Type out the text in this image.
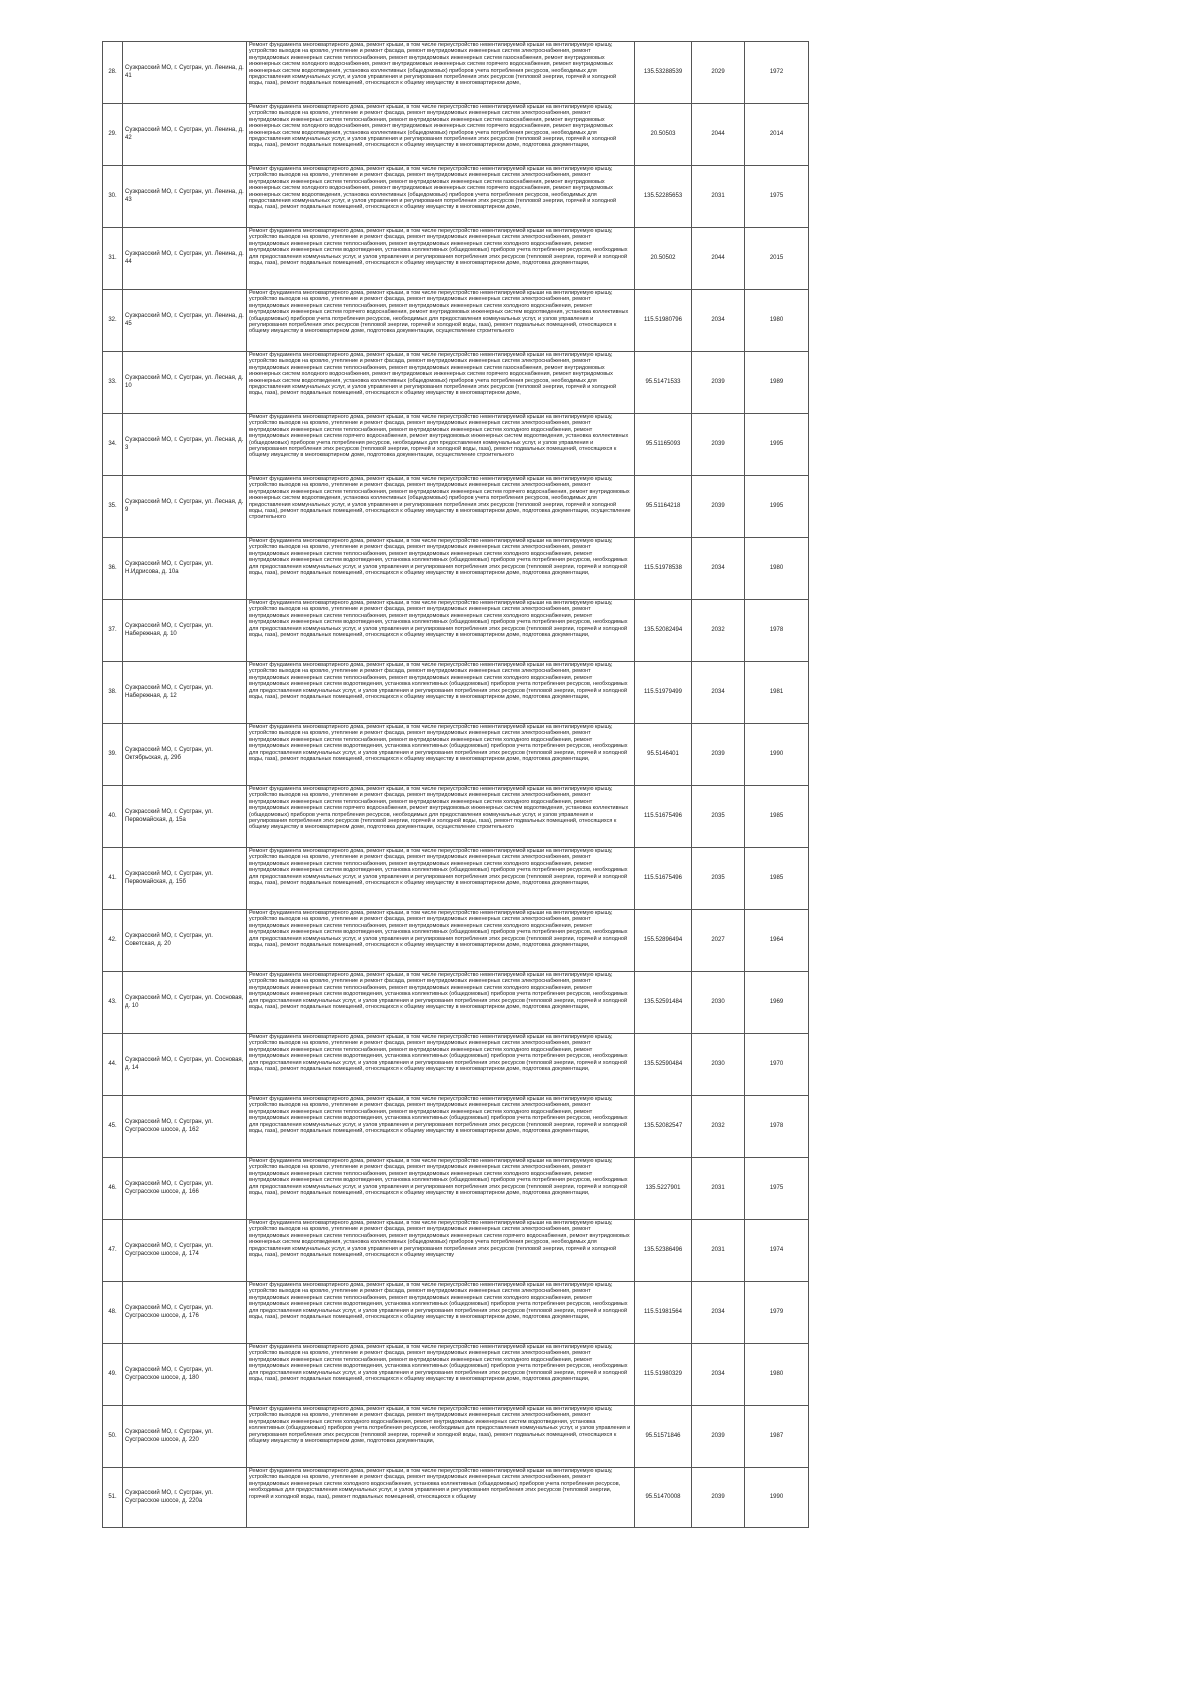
28.	Сузкрасский МО, г. Сусгран, ул. Ленина, д. 41	Ремонт фундамента многоквартирного дома, ремонт крыши, в том числе переустройство невентилируемой крыши на вентилируемую крышу, устройство выходов на кровлю, утепление и ремонт фасада, ремонт внутридомовых инженерных систем электроснабжения, ремонт внутридомовых инженерных систем теплоснабжения, ремонт внутридомовых инженерных систем газоснабжения, ремонт внутридомовых инженерных систем холодного водоснабжения, ремонт внутридомовых инженерных систем горячего водоснабжения, ремонт внутридомовых инженерных систем водоотведения, установка коллективных (общедомовых) приборов учета потребления ресурсов, необходимых для предоставления коммунальных услуг, и узлов управления и регулирования потребления этих ресурсов (тепловой энергии, горячей и холодной воды, газа), ремонт подвальных помещений, относящихся к общему имуществу в многоквартирном доме,	135.53288539	2029	1972
29.	Сузкрасский МО, г. Сусгран, ул. Ленина, д. 42	Ремонт фундамента многоквартирного дома, ремонт крыши, в том числе переустройство невентилируемой крыши на вентилируемую крышу, устройство выходов на кровлю, утепление и ремонт фасада, ремонт внутридомовых инженерных систем электроснабжения, ремонт внутридомовых инженерных систем теплоснабжения, ремонт внутридомовых инженерных систем газоснабжения, ремонт внутридомовых инженерных систем холодного водоснабжения, ремонт внутридомовых инженерных систем горячего водоснабжения, ремонт внутридомовых инженерных систем водоотведения, установка коллективных (общедомовых) приборов учета потребления ресурсов, необходимых для предоставления коммунальных услуг, и узлов управления и регулирования потребления этих ресурсов (тепловой энергии, горячей и холодной воды, газа), ремонт подвальных помещений, относящихся к общему имуществу в многоквартирном доме, подготовка документации,	20.50503	2044	2014
30.	Сузкрасский МО, г. Сусгран, ул. Ленина, д. 43	Ремонт фундамента многоквартирного дома, ремонт крыши, в том числе переустройство невентилируемой крыши на вентилируемую крышу, устройство выходов на кровлю, утепление и ремонт фасада, ремонт внутридомовых инженерных систем электроснабжения, ремонт внутридомовых инженерных систем теплоснабжения, ремонт внутридомовых инженерных систем газоснабжения, ремонт внутридомовых инженерных систем холодного водоснабжения, ремонт внутридомовых инженерных систем горячего водоснабжения, ремонт внутридомовых инженерных систем водоотведения, установка коллективных (общедомовых) приборов учета потребления ресурсов, необходимых для предоставления коммунальных услуг, и узлов управления и регулирования потребления этих ресурсов (тепловой энергии, горячей и холодной воды, газа), ремонт подвальных помещений, относящихся к общему имуществу в многоквартирном доме,	135.52285653	2031	1975
31.	Сузкрасский МО, г. Сусгран, ул. Ленина, д. 44	Ремонт фундамента многоквартирного дома, ремонт крыши, в том числе переустройство невентилируемой крыши на вентилируемую крышу, устройство выходов на кровлю, утепление и ремонт фасада, ремонт внутридомовых инженерных систем электроснабжения, ремонт внутридомовых инженерных систем теплоснабжения, ремонт внутридомовых инженерных систем холодного водоснабжения, ремонт внутридомовых инженерных систем водоотведения, установка коллективных (общедомовых) приборов учета потребления ресурсов, необходимых для предоставления коммунальных услуг, и узлов управления и регулирования потребления этих ресурсов (тепловой энергии, горячей и холодной воды, газа), ремонт подвальных помещений, относящихся к общему имуществу в многоквартирном доме, подготовка документации,	20.50502	2044	2015
32.	Сузкрасский МО, г. Сусгран, ул. Ленина, д. 45	Ремонт фундамента многоквартирного дома, ремонт крыши, в том числе переустройство невентилируемой крыши на вентилируемую крышу, устройство выходов на кровлю, утепление и ремонт фасада, ремонт внутридомовых инженерных систем электроснабжения, ремонт внутридомовых инженерных систем теплоснабжения, ремонт внутридомовых инженерных систем холодного водоснабжения, ремонт внутридомовых инженерных систем горячего водоснабжения, ремонт внутридомовых инженерных систем водоотведения, установка коллективных (общедомовых) приборов учета потребления ресурсов, необходимых для предоставления коммунальных услуг, и узлов управления и регулирования потребления этих ресурсов (тепловой энергии, горячей и холодной воды, газа), ремонт подвальных помещений, относящихся к общему имуществу в многоквартирном доме, подготовка документации, осуществление строительного	115.51980796	2034	1980
33.	Сузкрасский МО, г. Сусгран, ул. Лесная, д. 10	Ремонт фундамента многоквартирного дома, ремонт крыши, в том числе переустройство невентилируемой крыши на вентилируемую крышу, устройство выходов на кровлю, утепление и ремонт фасада, ремонт внутридомовых инженерных систем электроснабжения, ремонт внутридомовых инженерных систем теплоснабжения, ремонт внутридомовых инженерных систем газоснабжения, ремонт внутридомовых инженерных систем холодного водоснабжения, ремонт внутридомовых инженерных систем горячего водоснабжения, ремонт внутридомовых инженерных систем водоотведения, установка коллективных (общедомовых) приборов учета потребления ресурсов, необходимых для предоставления коммунальных услуг, и узлов управления и регулирования потребления этих ресурсов (тепловой энергии, горячей и холодной воды, газа), ремонт подвальных помещений, относящихся к общему имуществу в многоквартирном доме,	95.51471533	2039	1989
34.	Сузкрасский МО, г. Сусгран, ул. Лесная, д. 3	Ремонт фундамента многоквартирного дома, ремонт крыши, в том числе переустройство невентилируемой крыши на вентилируемую крышу, устройство выходов на кровлю, утепление и ремонт фасада, ремонт внутридомовых инженерных систем электроснабжения, ремонт внутридомовых инженерных систем теплоснабжения, ремонт внутридомовых инженерных систем холодного водоснабжения, ремонт внутридомовых инженерных систем горячего водоснабжения, ремонт внутридомовых инженерных систем водоотведения, установка коллективных (общедомовых) приборов учета потребления ресурсов, необходимых для предоставления коммунальных услуг, и узлов управления и регулирования потребления этих ресурсов (тепловой энергии, горячей и холодной воды, газа), ремонт подвальных помещений, относящихся к общему имуществу в многоквартирном доме, подготовка документации, осуществление строительного	95.51165093	2039	1995
35.	Сузкрасский МО, г. Сусгран, ул. Лесная, д. 9	Ремонт фундамента многоквартирного дома, ремонт крыши, в том числе переустройство невентилируемой крыши на вентилируемую крышу, устройство выходов на кровлю, утепление и ремонт фасада, ремонт внутридомовых инженерных систем электроснабжения, ремонт внутридомовых инженерных систем теплоснабжения, ремонт внутридомовых инженерных систем горячего водоснабжения, ремонт внутридомовых инженерных систем водоотведения, установка коллективных (общедомовых) приборов учета потребления ресурсов, необходимых для предоставления коммунальных услуг, и узлов управления и регулирования потребления этих ресурсов (тепловой энергии, горячей и холодной воды, газа), ремонт подвальных помещений, относящихся к общему имуществу в многоквартирном доме, подготовка документации, осуществление строительного	95.51164218	2039	1995
36.	Сузкрасский МО, г. Сусгран, ул. Н.Идрисова, д. 10а	Ремонт фундамента многоквартирного дома, ремонт крыши, в том числе переустройство невентилируемой крыши на вентилируемую крышу, устройство выходов на кровлю, утепление и ремонт фасада, ремонт внутридомовых инженерных систем электроснабжения, ремонт внутридомовых инженерных систем теплоснабжения, ремонт внутридомовых инженерных систем холодного водоснабжения, ремонт внутридомовых инженерных систем водоотведения, установка коллективных (общедомовых) приборов учета потребления ресурсов, необходимых для предоставления коммунальных услуг, и узлов управления и регулирования потребления этих ресурсов (тепловой энергии, горячей и холодной воды, газа), ремонт подвальных помещений, относящихся к общему имуществу в многоквартирном доме, подготовка документации,	115.51978538	2034	1980
37.	Сузкрасский МО, г. Сусгран, ул. Набережная, д. 10	Ремонт фундамента многоквартирного дома, ремонт крыши, в том числе переустройство невентилируемой крыши на вентилируемую крышу, устройство выходов на кровлю, утепление и ремонт фасада, ремонт внутридомовых инженерных систем электроснабжения, ремонт внутридомовых инженерных систем теплоснабжения, ремонт внутридомовых инженерных систем холодного водоснабжения, ремонт внутридомовых инженерных систем водоотведения, установка коллективных (общедомовых) приборов учета потребления ресурсов, необходимых для предоставления коммунальных услуг, и узлов управления и регулирования потребления этих ресурсов (тепловой энергии, горячей и холодной воды, газа), ремонт подвальных помещений, относящихся к общему имуществу в многоквартирном доме, подготовка документации,	135.52082494	2032	1978
38.	Сузкрасский МО, г. Сусгран, ул. Набережная, д. 12	Ремонт фундамента многоквартирного дома, ремонт крыши, в том числе переустройство невентилируемой крыши на вентилируемую крышу, устройство выходов на кровлю, утепление и ремонт фасада, ремонт внутридомовых инженерных систем электроснабжения, ремонт внутридомовых инженерных систем теплоснабжения, ремонт внутридомовых инженерных систем холодного водоснабжения, ремонт внутридомовых инженерных систем водоотведения, установка коллективных (общедомовых) приборов учета потребления ресурсов, необходимых для предоставления коммунальных услуг, и узлов управления и регулирования потребления этих ресурсов (тепловой энергии, горячей и холодной воды, газа), ремонт подвальных помещений, относящихся к общему имуществу в многоквартирном доме, подготовка документации,	115.51979499	2034	1981
39.	Сузкрасский МО, г. Сусгран, ул. Октябрьская, д. 29б	Ремонт фундамента многоквартирного дома, ремонт крыши, в том числе переустройство невентилируемой крыши на вентилируемую крышу, устройство выходов на кровлю, утепление и ремонт фасада, ремонт внутридомовых инженерных систем электроснабжения, ремонт внутридомовых инженерных систем теплоснабжения, ремонт внутридомовых инженерных систем холодного водоснабжения, ремонт внутридомовых инженерных систем водоотведения, установка коллективных (общедомовых) приборов учета потребления ресурсов, необходимых для предоставления коммунальных услуг, и узлов управления и регулирования потребления этих ресурсов (тепловой энергии, горячей и холодной воды, газа), ремонт подвальных помещений, относящихся к общему имуществу в многоквартирном доме, подготовка документации,	95.5146401	2039	1990
40.	Сузкрасский МО, г. Сусгран, ул. Первомайская, д. 15а	Ремонт фундамента многоквартирного дома, ремонт крыши, в том числе переустройство невентилируемой крыши на вентилируемую крышу, устройство выходов на кровлю, утепление и ремонт фасада, ремонт внутридомовых инженерных систем электроснабжения, ремонт внутридомовых инженерных систем теплоснабжения, ремонт внутридомовых инженерных систем холодного водоснабжения, ремонт внутридомовых инженерных систем горячего водоснабжения, ремонт внутридомовых инженерных систем водоотведения, установка коллективных (общедомовых) приборов учета потребления ресурсов, необходимых для предоставления коммунальных услуг, и узлов управления и регулирования потребления этих ресурсов (тепловой энергии, горячей и холодной воды, газа), ремонт подвальных помещений, относящихся к общему имуществу в многоквартирном доме, подготовка документации, осуществление строительного	115.51675496	2035	1985
41.	Сузкрасский МО, г. Сусгран, ул. Первомайская, д. 15б	Ремонт фундамента многоквартирного дома, ремонт крыши, в том числе переустройство невентилируемой крыши на вентилируемую крышу, устройство выходов на кровлю, утепление и ремонт фасада, ремонт внутридомовых инженерных систем электроснабжения, ремонт внутридомовых инженерных систем теплоснабжения, ремонт внутридомовых инженерных систем холодного водоснабжения, ремонт внутридомовых инженерных систем водоотведения, установка коллективных (общедомовых) приборов учета потребления ресурсов, необходимых для предоставления коммунальных услуг, и узлов управления и регулирования потребления этих ресурсов (тепловой энергии, горячей и холодной воды, газа), ремонт подвальных помещений, относящихся к общему имуществу в многоквартирном доме, подготовка документации,	115.51675496	2035	1985
42.	Сузкрасский МО, г. Сусгран, ул. Советская, д. 20	Ремонт фундамента многоквартирного дома, ремонт крыши, в том числе переустройство невентилируемой крыши на вентилируемую крышу, устройство выходов на кровлю, утепление и ремонт фасада, ремонт внутридомовых инженерных систем электроснабжения, ремонт внутридомовых инженерных систем теплоснабжения, ремонт внутридомовых инженерных систем холодного водоснабжения, ремонт внутридомовых инженерных систем водоотведения, установка коллективных (общедомовых) приборов учета потребления ресурсов, необходимых для предоставления коммунальных услуг, и узлов управления и регулирования потребления этих ресурсов (тепловой энергии, горячей и холодной воды, газа), ремонт подвальных помещений, относящихся к общему имуществу в многоквартирном доме, подготовка документации,	155.52896494	2027	1964
43.	Сузкрасский МО, г. Сусгран, ул. Сосновая, д. 10	Ремонт фундамента многоквартирного дома, ремонт крыши, в том числе переустройство невентилируемой крыши на вентилируемую крышу, устройство выходов на кровлю, утепление и ремонт фасада, ремонт внутридомовых инженерных систем электроснабжения, ремонт внутридомовых инженерных систем теплоснабжения, ремонт внутридомовых инженерных систем холодного водоснабжения, ремонт внутридомовых инженерных систем водоотведения, установка коллективных (общедомовых) приборов учета потребления ресурсов, необходимых для предоставления коммунальных услуг, и узлов управления и регулирования потребления этих ресурсов (тепловой энергии, горячей и холодной воды, газа), ремонт подвальных помещений, относящихся к общему имуществу в многоквартирном доме, подготовка документации,	135.52591484	2030	1969
44.	Сузкрасский МО, г. Сусгран, ул. Сосновая, д. 14	Ремонт фундамента многоквартирного дома, ремонт крыши, в том числе переустройство невентилируемой крыши на вентилируемую крышу, устройство выходов на кровлю, утепление и ремонт фасада, ремонт внутридомовых инженерных систем электроснабжения, ремонт внутридомовых инженерных систем теплоснабжения, ремонт внутридомовых инженерных систем холодного водоснабжения, ремонт внутридомовых инженерных систем водоотведения, установка коллективных (общедомовых) приборов учета потребления ресурсов, необходимых для предоставления коммунальных услуг, и узлов управления и регулирования потребления этих ресурсов (тепловой энергии, горячей и холодной воды, газа), ремонт подвальных помещений, относящихся к общему имуществу в многоквартирном доме, подготовка документации,	135.52590484	2030	1970
45.	Сузкрасский МО, г. Сусгран, ул. Сусграсское шоссе, д. 162	Ремонт фундамента многоквартирного дома, ремонт крыши, в том числе переустройство невентилируемой крыши на вентилируемую крышу, устройство выходов на кровлю, утепление и ремонт фасада, ремонт внутридомовых инженерных систем электроснабжения, ремонт внутридомовых инженерных систем теплоснабжения, ремонт внутридомовых инженерных систем холодного водоснабжения, ремонт внутридомовых инженерных систем водоотведения, установка коллективных (общедомовых) приборов учета потребления ресурсов, необходимых для предоставления коммунальных услуг, и узлов управления и регулирования потребления этих ресурсов (тепловой энергии, горячей и холодной воды, газа), ремонт подвальных помещений, относящихся к общему имуществу в многоквартирном доме, подготовка документации,	135.52082547	2032	1978
46.	Сузкрасский МО, г. Сусгран, ул. Сусграсское шоссе, д. 166	Ремонт фундамента многоквартирного дома, ремонт крыши, в том числе переустройство невентилируемой крыши на вентилируемую крышу, устройство выходов на кровлю, утепление и ремонт фасада, ремонт внутридомовых инженерных систем электроснабжения, ремонт внутридомовых инженерных систем теплоснабжения, ремонт внутридомовых инженерных систем холодного водоснабжения, ремонт внутридомовых инженерных систем водоотведения, установка коллективных (общедомовых) приборов учета потребления ресурсов, необходимых для предоставления коммунальных услуг, и узлов управления и регулирования потребления этих ресурсов (тепловой энергии, горячей и холодной воды, газа), ремонт подвальных помещений, относящихся к общему имуществу в многоквартирном доме, подготовка документации,	135.5227901	2031	1975
47.	Сузкрасский МО, г. Сусгран, ул. Сусграсское шоссе, д. 174	Ремонт фундамента многоквартирного дома, ремонт крыши, в том числе переустройство невентилируемой крыши на вентилируемую крышу, устройство выходов на кровлю, утепление и ремонт фасада, ремонт внутридомовых инженерных систем электроснабжения, ремонт внутридомовых инженерных систем теплоснабжения, ремонт внутридомовых инженерных систем горячего водоснабжения, ремонт внутридомовых инженерных систем водоотведения, установка коллективных (общедомовых) приборов учета потребления ресурсов, необходимых для предоставления коммунальных услуг, и узлов управления и регулирования потребления этих ресурсов (тепловой энергии, горячей и холодной воды, газа), ремонт подвальных помещений, относящихся к общему имуществу	135.52386496	2031	1974
48.	Сузкрасский МО, г. Сусгран, ул. Сусграсское шоссе, д. 176	Ремонт фундамента многоквартирного дома, ремонт крыши, в том числе переустройство невентилируемой крыши на вентилируемую крышу, устройство выходов на кровлю, утепление и ремонт фасада, ремонт внутридомовых инженерных систем электроснабжения, ремонт внутридомовых инженерных систем теплоснабжения, ремонт внутридомовых инженерных систем холодного водоснабжения, ремонт внутридомовых инженерных систем водоотведения, установка коллективных (общедомовых) приборов учета потребления ресурсов, необходимых для предоставления коммунальных услуг, и узлов управления и регулирования потребления этих ресурсов (тепловой энергии, горячей и холодной воды, газа), ремонт подвальных помещений, относящихся к общему имуществу в многоквартирном доме, подготовка документации,	115.51981564	2034	1979
49.	Сузкрасский МО, г. Сусгран, ул. Сусграсское шоссе, д. 180	Ремонт фундамента многоквартирного дома, ремонт крыши, в том числе переустройство невентилируемой крыши на вентилируемую крышу, устройство выходов на кровлю, утепление и ремонт фасада, ремонт внутридомовых инженерных систем электроснабжения, ремонт внутридомовых инженерных систем теплоснабжения, ремонт внутридомовых инженерных систем холодного водоснабжения, ремонт внутридомовых инженерных систем водоотведения, установка коллективных (общедомовых) приборов учета потребления ресурсов, необходимых для предоставления коммунальных услуг, и узлов управления и регулирования потребления этих ресурсов (тепловой энергии, горячей и холодной воды, газа), ремонт подвальных помещений, относящихся к общему имуществу в многоквартирном доме, подготовка документации,	115.51980329	2034	1980
50.	Сузкрасский МО, г. Сусгран, ул. Сусграсское шоссе, д. 220	Ремонт фундамента многоквартирного дома, ремонт крыши, в том числе переустройство невентилируемой крыши на вентилируемую крышу, устройство выходов на кровлю, утепление и ремонт фасада, ремонт внутридомовых инженерных систем электроснабжения, ремонт внутридомовых инженерных систем холодного водоснабжения, ремонт внутридомовых инженерных систем водоотведения, установка коллективных (общедомовых) приборов учета потребления ресурсов, необходимых для предоставления коммунальных услуг, и узлов управления и регулирования потребления этих ресурсов (тепловой энергии, горячей и холодной воды, газа), ремонт подвальных помещений, относящихся к общему имуществу в многоквартирном доме, подготовка документации,	95.51571846	2039	1987
51.	Сузкрасский МО, г. Сусгран, ул. Сусграсское шоссе, д. 220а	Ремонт фундамента многоквартирного дома, ремонт крыши, в том числе переустройство невентилируемой крыши на вентилируемую крышу, устройство выходов на кровлю, утепление и ремонт фасада, ремонт внутридомовых инженерных систем электроснабжения, ремонт внутридомовых инженерных систем холодного водоснабжения, установка коллективных (общедомовых) приборов учета потребления ресурсов, необходимых для предоставления коммунальных услуг, и узлов управления и регулирования потребления этих ресурсов (тепловой энергии, горячей и холодной воды, газа), ремонт подвальных помещений, относящихся к общему	95.51470008	2039	1990
